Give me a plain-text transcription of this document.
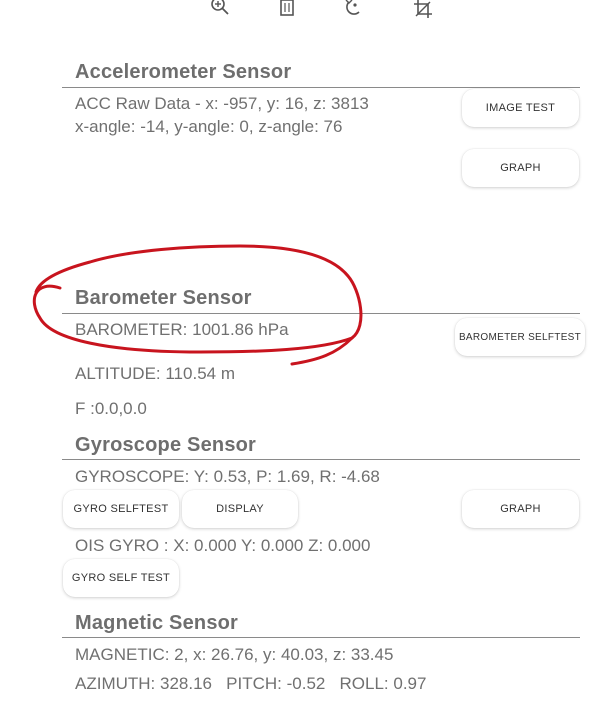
Accelerometer Sensor
ACC Raw Data - x: -957, y: 16, z: 3813
x-angle: -14, y-angle: 0, z-angle: 76
IMAGE TEST
GRAPH
Barometer Sensor
BAROMETER: 1001.86 hPa	BAROMETER SELFTEST
ALTITUDE: 110.54 m
F :0.0,0.0
Gyroscope Sensor
GYROSCOPE: Y: 0.53, P: 1.69, R: -4.68
GYRO SELFTEST	DISPLAY	GRAPH
OIS GYRO : X: 0.000 Y: 0.000 Z: 0.000
GYRO SELF TEST
Magnetic Sensor
MAGNETIC: 2, x: 26.76, y: 40.03, z: 33.45
AZIMUTH: 328.16   PITCH: -0.52   ROLL: 0.97
